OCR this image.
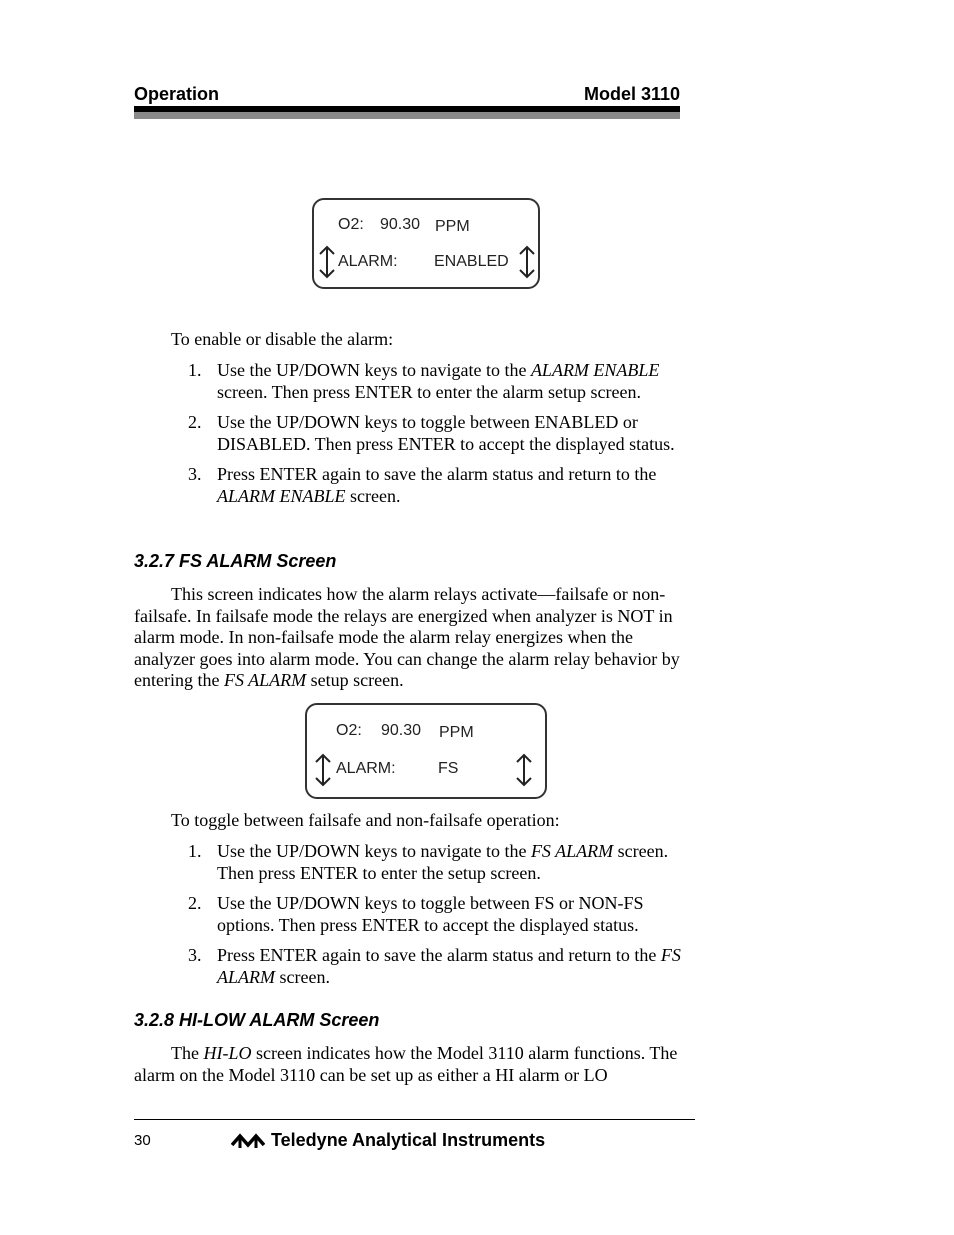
Operation	Model 3110
O2: 90.30 PPM
ALARM: ENABLED
To enable or disable the alarm:
1. Use the UP/DOWN keys to navigate to the ALARM ENABLE screen. Then press ENTER to enter the alarm setup screen.
2. Use the UP/DOWN keys to toggle between ENABLED or DISABLED. Then press ENTER to accept the displayed status.
3. Press ENTER again to save the alarm status and return to the ALARM ENABLE screen.
3.2.7 FS ALARM Screen
This screen indicates how the alarm relays activate—failsafe or non-failsafe. In failsafe mode the relays are energized when analyzer is NOT in alarm mode. In non-failsafe mode the alarm relay energizes when the analyzer goes into alarm mode. You can change the alarm relay behavior by entering the FS ALARM setup screen.
O2: 90.30 PPM
ALARM:	FS
To toggle between failsafe and non-failsafe operation:
1. Use the UP/DOWN keys to navigate to the FS ALARM screen. Then press ENTER to enter the setup screen.
2. Use the UP/DOWN keys to toggle between FS or NON-FS options. Then press ENTER to accept the displayed status.
3. Press ENTER again to save the alarm status and return to the FS ALARM screen.
3.2.8 HI-LOW ALARM Screen
The HI-LO screen indicates how the Model 3110 alarm functions. The alarm on the Model 3110 can be set up as either a HI alarm or LO
30	Teledyne Analytical Instruments
